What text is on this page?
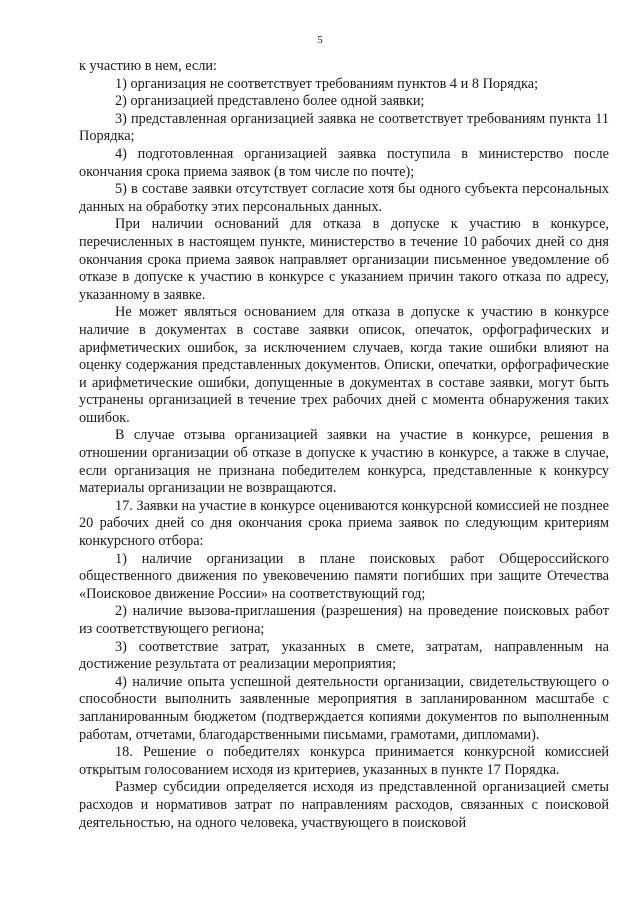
5

к участию в нем, если:

1) организация не соответствует требованиям пунктов 4 и 8 Порядка;

2) организацией представлено более одной заявки;

3) представленная организацией заявка не соответствует требованиям пункта 11 Порядка;

4) подготовленная организацией заявка поступила в министерство после окончания срока приема заявок (в том числе по почте);

5) в составе заявки отсутствует согласие хотя бы одного субъекта персональных данных на обработку этих персональных данных.

При наличии оснований для отказа в допуске к участию в конкурсе, перечисленных в настоящем пункте, министерство в течение 10 рабочих дней со дня окончания срока приема заявок направляет организации письменное уведомление об отказе в допуске к участию в конкурсе с указанием причин такого отказа по адресу, указанному в заявке.

Не может являться основанием для отказа в допуске к участию в конкурсе наличие в документах в составе заявки описок, опечаток, орфографических и арифметических ошибок, за исключением случаев, когда такие ошибки влияют на оценку содержания представленных документов. Описки, опечатки, орфографические и арифметические ошибки, допущенные в документах в составе заявки, могут быть устранены организацией в течение трех рабочих дней с момента обнаружения таких ошибок.

В случае отзыва организацией заявки на участие в конкурсе, решения в отношении организации об отказе в допуске к участию в конкурсе, а также в случае, если организация не признана победителем конкурса, представленные к конкурсу материалы организации не возвращаются.

17. Заявки на участие в конкурсе оцениваются конкурсной комиссией не позднее 20 рабочих дней со дня окончания срока приема заявок по следующим критериям конкурсного отбора:

1) наличие организации в плане поисковых работ Общероссийского общественного движения по увековечению памяти погибших при защите Отечества «Поисковое движение России» на соответствующий год;

2) наличие вызова-приглашения (разрешения) на проведение поисковых работ из соответствующего региона;

3) соответствие затрат, указанных в смете, затратам, направленным на достижение результата от реализации мероприятия;

4) наличие опыта успешной деятельности организации, свидетельствующего о способности выполнить заявленные мероприятия в запланированном масштабе с запланированным бюджетом (подтверждается копиями документов по выполненным работам, отчетами, благодарственными письмами, грамотами, дипломами).

18. Решение о победителях конкурса принимается конкурсной комиссией открытым голосованием исходя из критериев, указанных в пункте 17 Порядка.

Размер субсидии определяется исходя из представленной организацией сметы расходов и нормативов затрат по направлениям расходов, связанных с поисковой деятельностью, на одного человека, участвующего в поисковой
